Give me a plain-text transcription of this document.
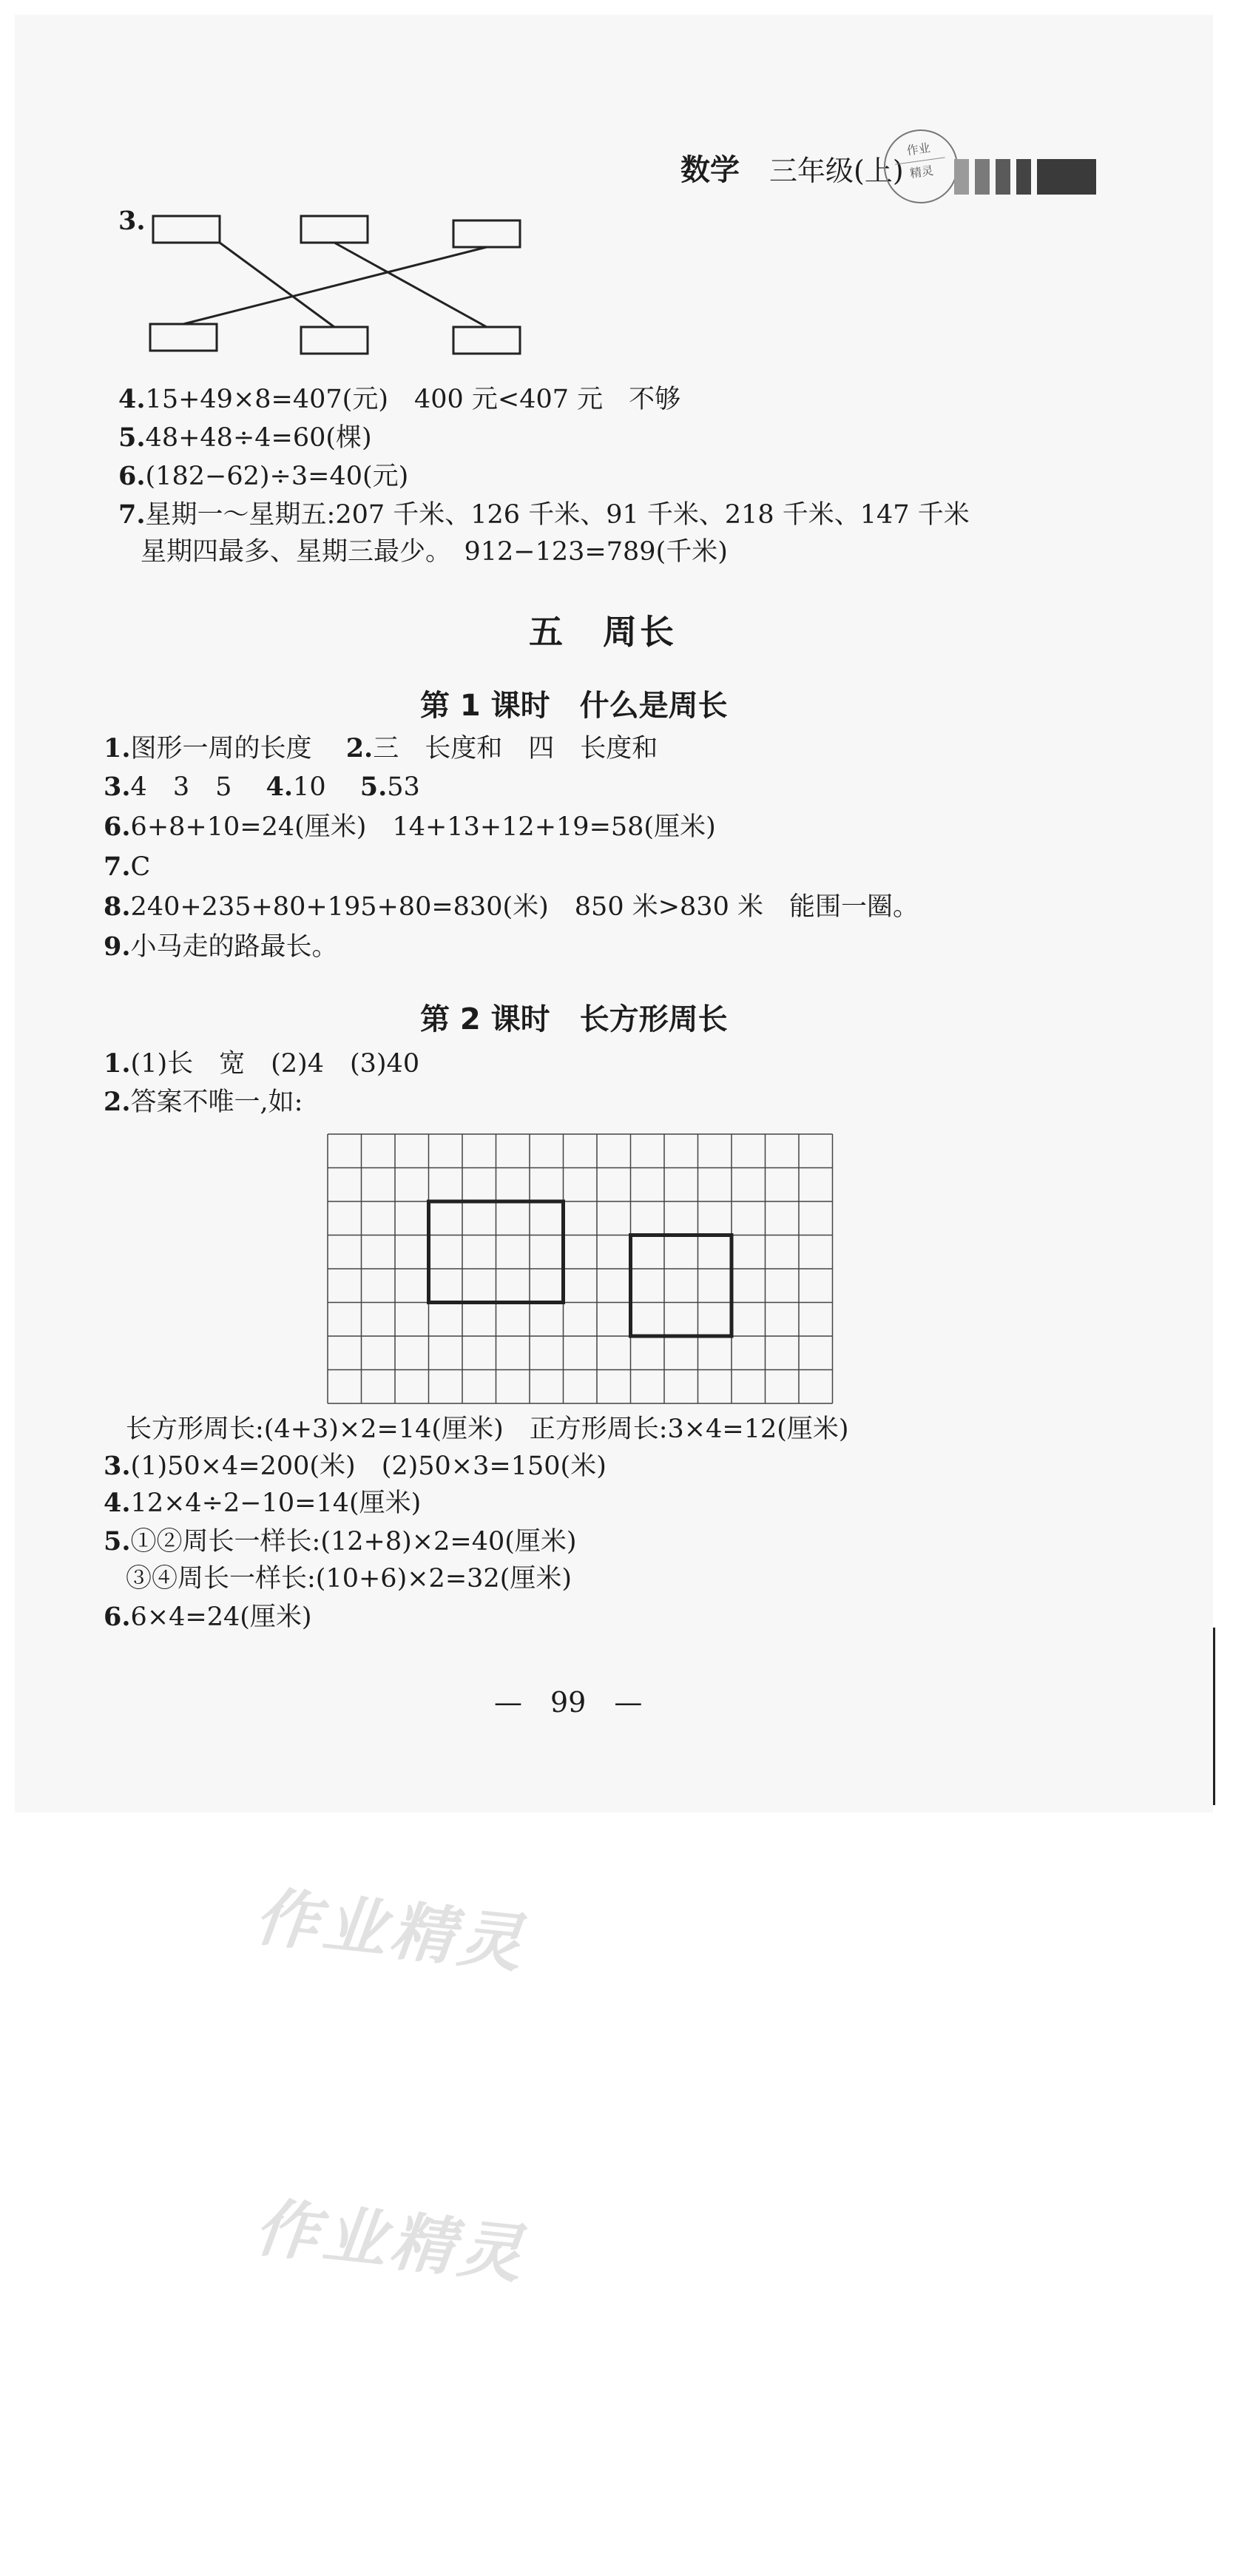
数学 三年级(上)
作业
精灵
3.
4.15+49×8=407(元)　400 元<407 元　不够
5.48+48÷4=60(棵)
6.(182−62)÷3=40(元)
7.星期一～星期五:207 千米、126 千米、91 千米、218 千米、147 千米
星期四最多、星期三最少。　912−123=789(千米)
五　周长
第 1 课时　什么是周长
1.图形一周的长度　 2.三　长度和　四　长度和
3.4　3　5　 4.10　 5.53
6.6+8+10=24(厘米)　14+13+12+19=58(厘米)
7.C
8.240+235+80+195+80=830(米)　850 米>830 米　能围一圈。
9.小马走的路最长。
第 2 课时　长方形周长
1.(1)长　宽　(2)4　(3)40
2.答案不唯一,如:
长方形周长:(4+3)×2=14(厘米)　正方形周长:3×4=12(厘米)
3.(1)50×4=200(米)　(2)50×3=150(米)
4.12×4÷2−10=14(厘米)
5.①②周长一样长:(12+8)×2=40(厘米)
③④周长一样长:(10+6)×2=32(厘米)
6.6×4=24(厘米)
—　99　—
作业精灵
作业精灵
